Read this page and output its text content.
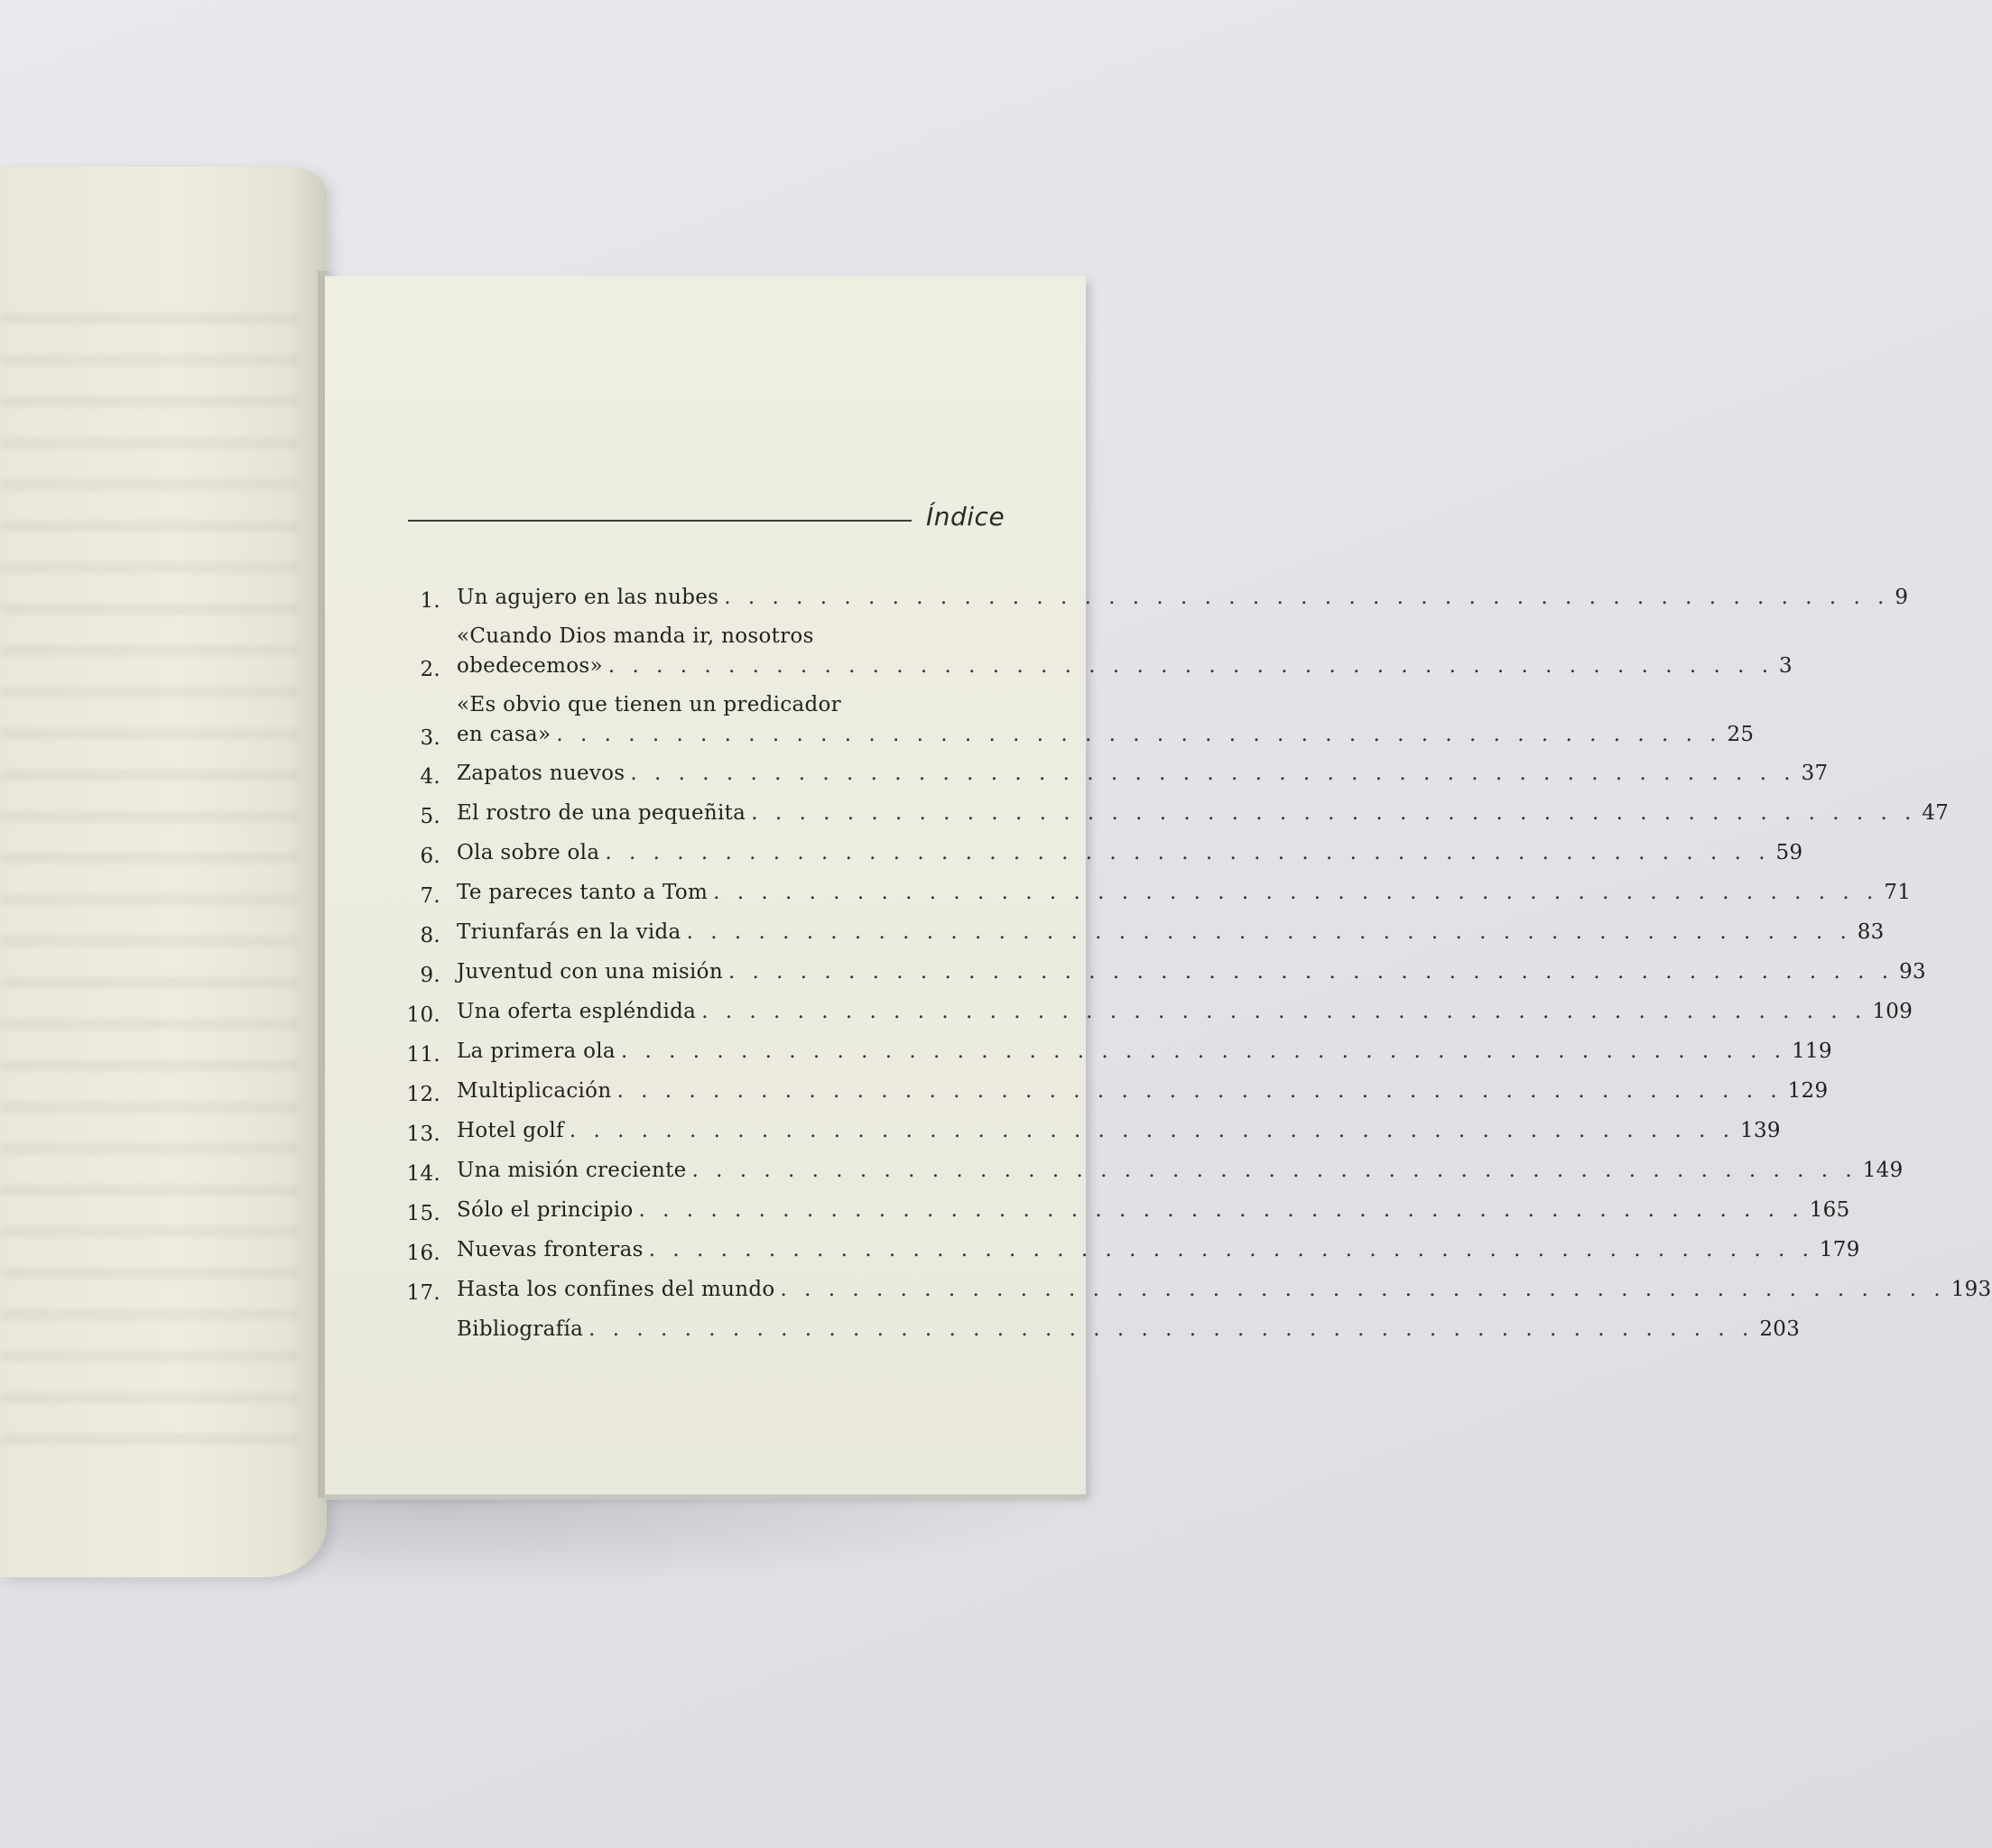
Índice
1. Un agujero en las nubes . . .	9
2.
«Cuando Dios manda ir, nosotros
obedecemos» . . .	3
3.
«Es obvio que tienen un predicador
en casa» . . .	25
4. Zapatos nuevos . . .	37
5. El rostro de una pequeñita . . .	47
6. Ola sobre ola . . .	59
7. Te pareces tanto a Tom . . .	71
8. Triunfarás en la vida . . .	83
9. Juventud con una misión . . .	93
10. Una oferta espléndida . . .	109
11. La primera ola . . .	119
12. Multiplicación . . .	129
13. Hotel golf . . .	139
14. Una misión creciente . . .	149
15. Sólo el principio . . .	165
16. Nuevas fronteras . . .	179
17. Hasta los confines del mundo . . .	193
Bibliografía . . .	203
